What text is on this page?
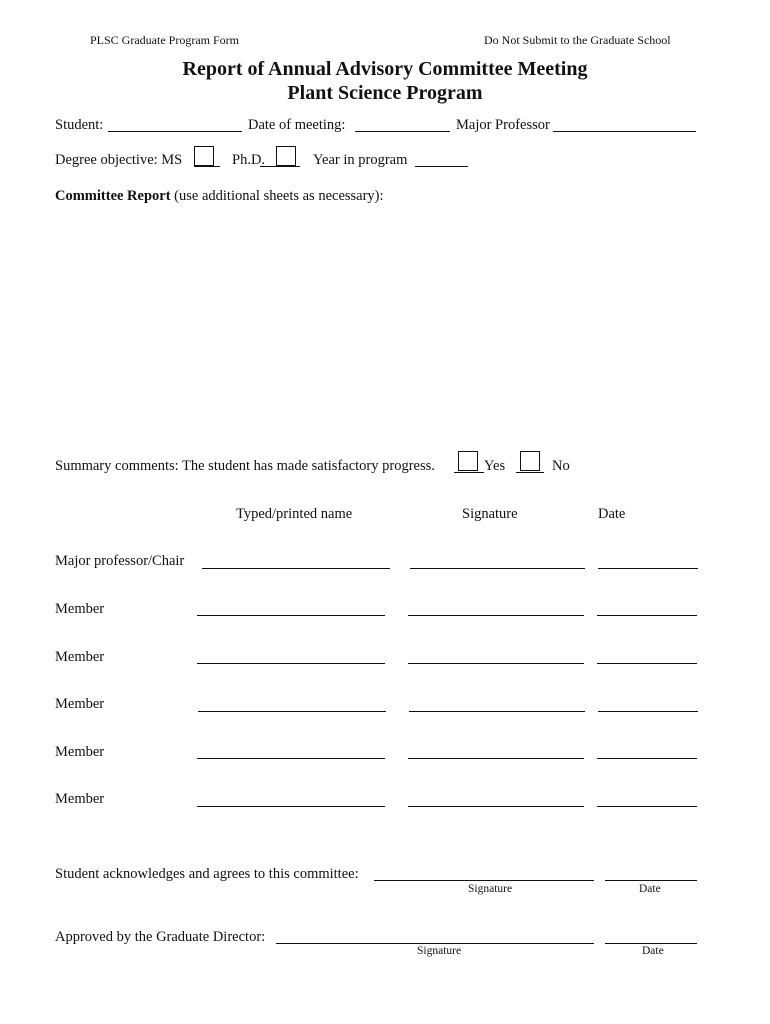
PLSC Graduate Program Form	Do Not Submit to the Graduate School
Report of Annual Advisory Committee Meeting
Plant Science Program
Student:	Date of meeting:	Major Professor
Degree objective: MS	Ph.D.	Year in program
Committee Report (use additional sheets as necessary):
Summary comments: The student has made satisfactory progress.	Yes	No
Typed/printed name	Signature	Date
Major professor/Chair
Member
Member
Member
Member
Member
Student acknowledges and agrees to this committee:
Signature	Date
Approved by the Graduate Director:
Signature	Date
